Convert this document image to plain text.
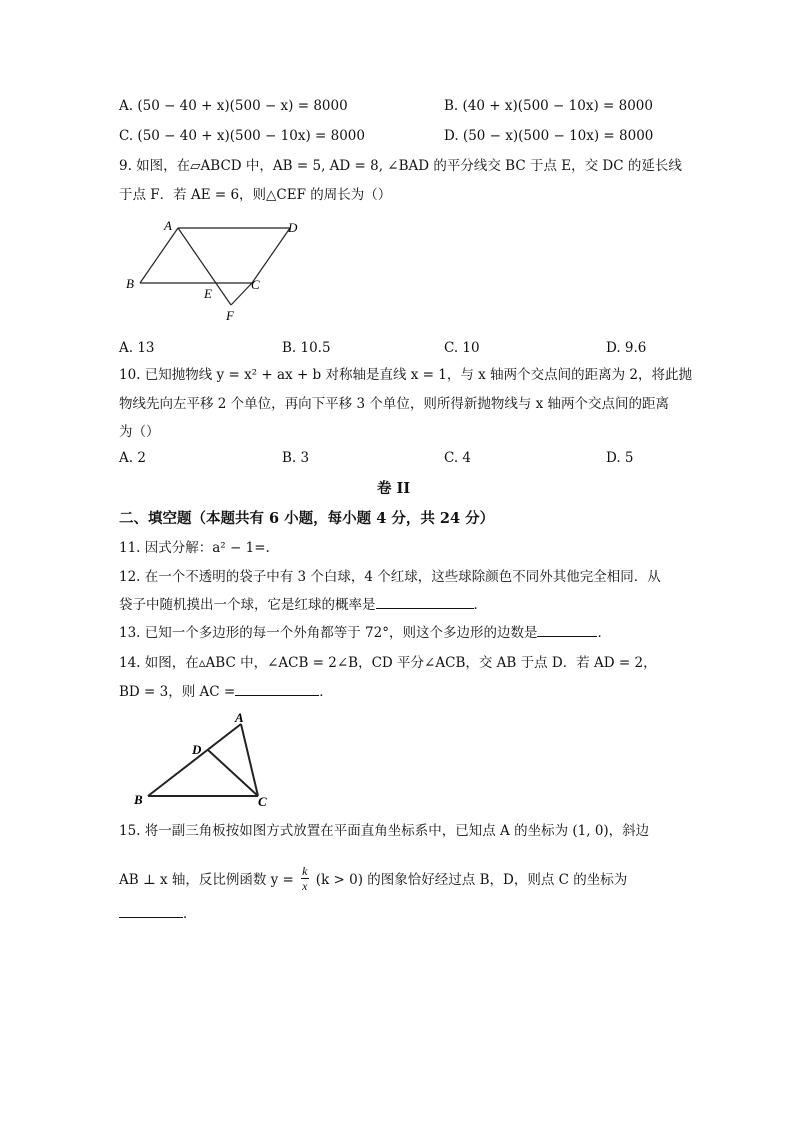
A. (50 − 40 + x)(500 − x) = 8000	B. (40 + x)(500 − 10x) = 8000
C. (50 − 40 + x)(500 − 10x) = 8000	D. (50 − x)(500 − 10x) = 8000
9. 如图，在▱ABCD 中，AB = 5, AD = 8, ∠BAD 的平分线交 BC 于点 E，交 DC 的延长线
于点 F．若 AE = 6，则△CEF 的周长为（）
A	D
B
E
C
F
A. 13	B. 10.5	C. 10	D. 9.6
10. 已知抛物线 y = x² + ax + b 对称轴是直线 x = 1，与 x 轴两个交点间的距离为 2，将此抛
物线先向左平移 2 个单位，再向下平移 3 个单位，则所得新抛物线与 x 轴两个交点间的距离
为（）
A. 2	B. 3	C. 4	D. 5
卷 II
二、填空题（本题共有 6 小题，每小题 4 分，共 24 分）
11. 因式分解：a² − 1=.
12. 在一个不透明的袋子中有 3 个白球，4 个红球，这些球除颜色不同外其他完全相同．从
袋子中随机摸出一个球，它是红球的概率是	．
13. 已知一个多边形的每一个外角都等于 72°，则这个多边形的边数是	．
14. 如图，在▵ABC 中，∠ACB = 2∠B，CD 平分∠ACB，交 AB 于点 D．若 AD = 2，
BD = 3，则 AC =	．
A
D
B	C
15. 将一副三角板按如图方式放置在平面直角坐标系中，已知点 A 的坐标为 (1, 0)，斜边
AB ⊥ x 轴，反比例函数 $y = \frac{k}{x} (k > 0)$ 的图象恰好经过点 B，D，则点 C 的坐标为
．
